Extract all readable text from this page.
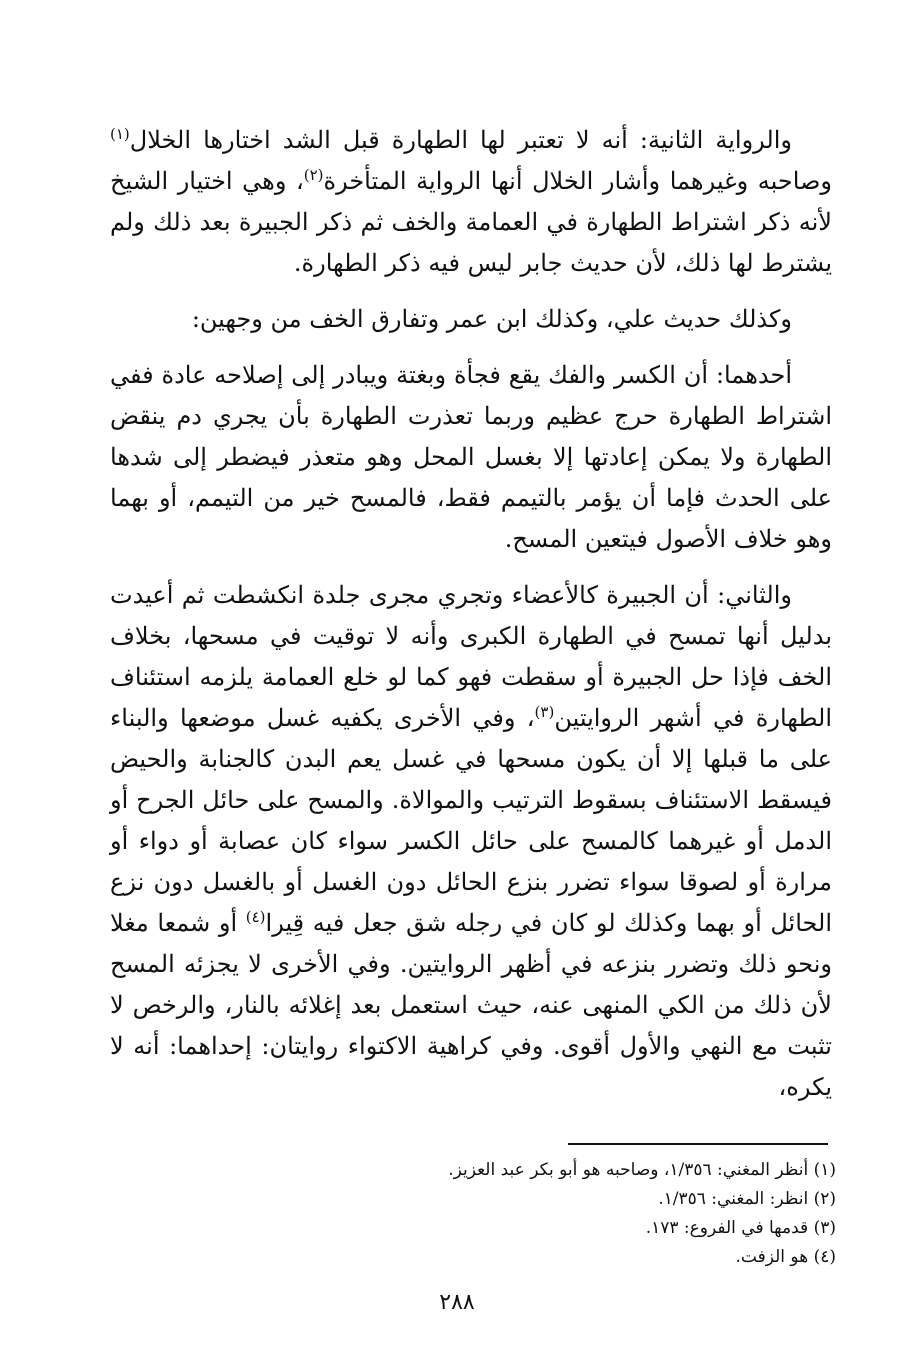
والرواية الثانية: أنه لا تعتبر لها الطهارة قبل الشد اختارها الخلال$^{(١)}$ وصاحبه وغيرهما وأشار الخلال أنها الرواية المتأخرة$^{(٢)}$، وهي اختيار الشيخ لأنه ذكر اشتراط الطهارة في العمامة والخف ثم ذكر الجبيرة بعد ذلك ولم يشترط لها ذلك، لأن حديث جابر ليس فيه ذكر الطهارة.

وكذلك حديث علي، وكذلك ابن عمر وتفارق الخف من وجهين:

أحدهما: أن الكسر والفك يقع فجأة وبغتة ويبادر إلى إصلاحه عادة ففي اشتراط الطهارة حرج عظيم وربما تعذرت الطهارة بأن يجري دم ينقض الطهارة ولا يمكن إعادتها إلا بغسل المحل وهو متعذر فيضطر إلى شدها على الحدث فإما أن يؤمر بالتيمم فقط، فالمسح خير من التيمم، أو بهما وهو خلاف الأصول فيتعين المسح.

والثاني: أن الجبيرة كالأعضاء وتجري مجرى جلدة انكشطت ثم أعيدت بدليل أنها تمسح في الطهارة الكبرى وأنه لا توقيت في مسحها، بخلاف الخف فإذا حل الجبيرة أو سقطت فهو كما لو خلع العمامة يلزمه استئناف الطهارة في أشهر الروايتين$^{(٣)}$، وفي الأخرى يكفيه غسل موضعها والبناء على ما قبلها إلا أن يكون مسحها في غسل يعم البدن كالجنابة والحيض فيسقط الاستئناف بسقوط الترتيب والموالاة. والمسح على حائل الجرح أو الدمل أو غيرهما كالمسح على حائل الكسر سواء كان عصابة أو دواء أو مرارة أو لصوقا سواء تضرر بنزع الحائل دون الغسل أو بالغسل دون نزع الحائل أو بهما وكذلك لو كان في رجله شق جعل فيه قِيرا$^{(٤)}$ أو شمعا مغلا ونحو ذلك وتضرر بنزعه في أظهر الروايتين. وفي الأخرى لا يجزئه المسح لأن ذلك من الكي المنهى عنه، حيث استعمل بعد إغلائه بالنار، والرخص لا تثبت مع النهي والأول أقوى. وفي كراهية الاكتواء روايتان: إحداهما: أنه لا يكره،

(١) أنظر المغني: ١/٣٥٦، وصاحبه هو أبو بكر عبد العزيز.

(٢) انظر: المغني: ١/٣٥٦.

(٣) قدمها في الفروع: ١٧٣.

(٤) هو الزفت.

٢٨٨
